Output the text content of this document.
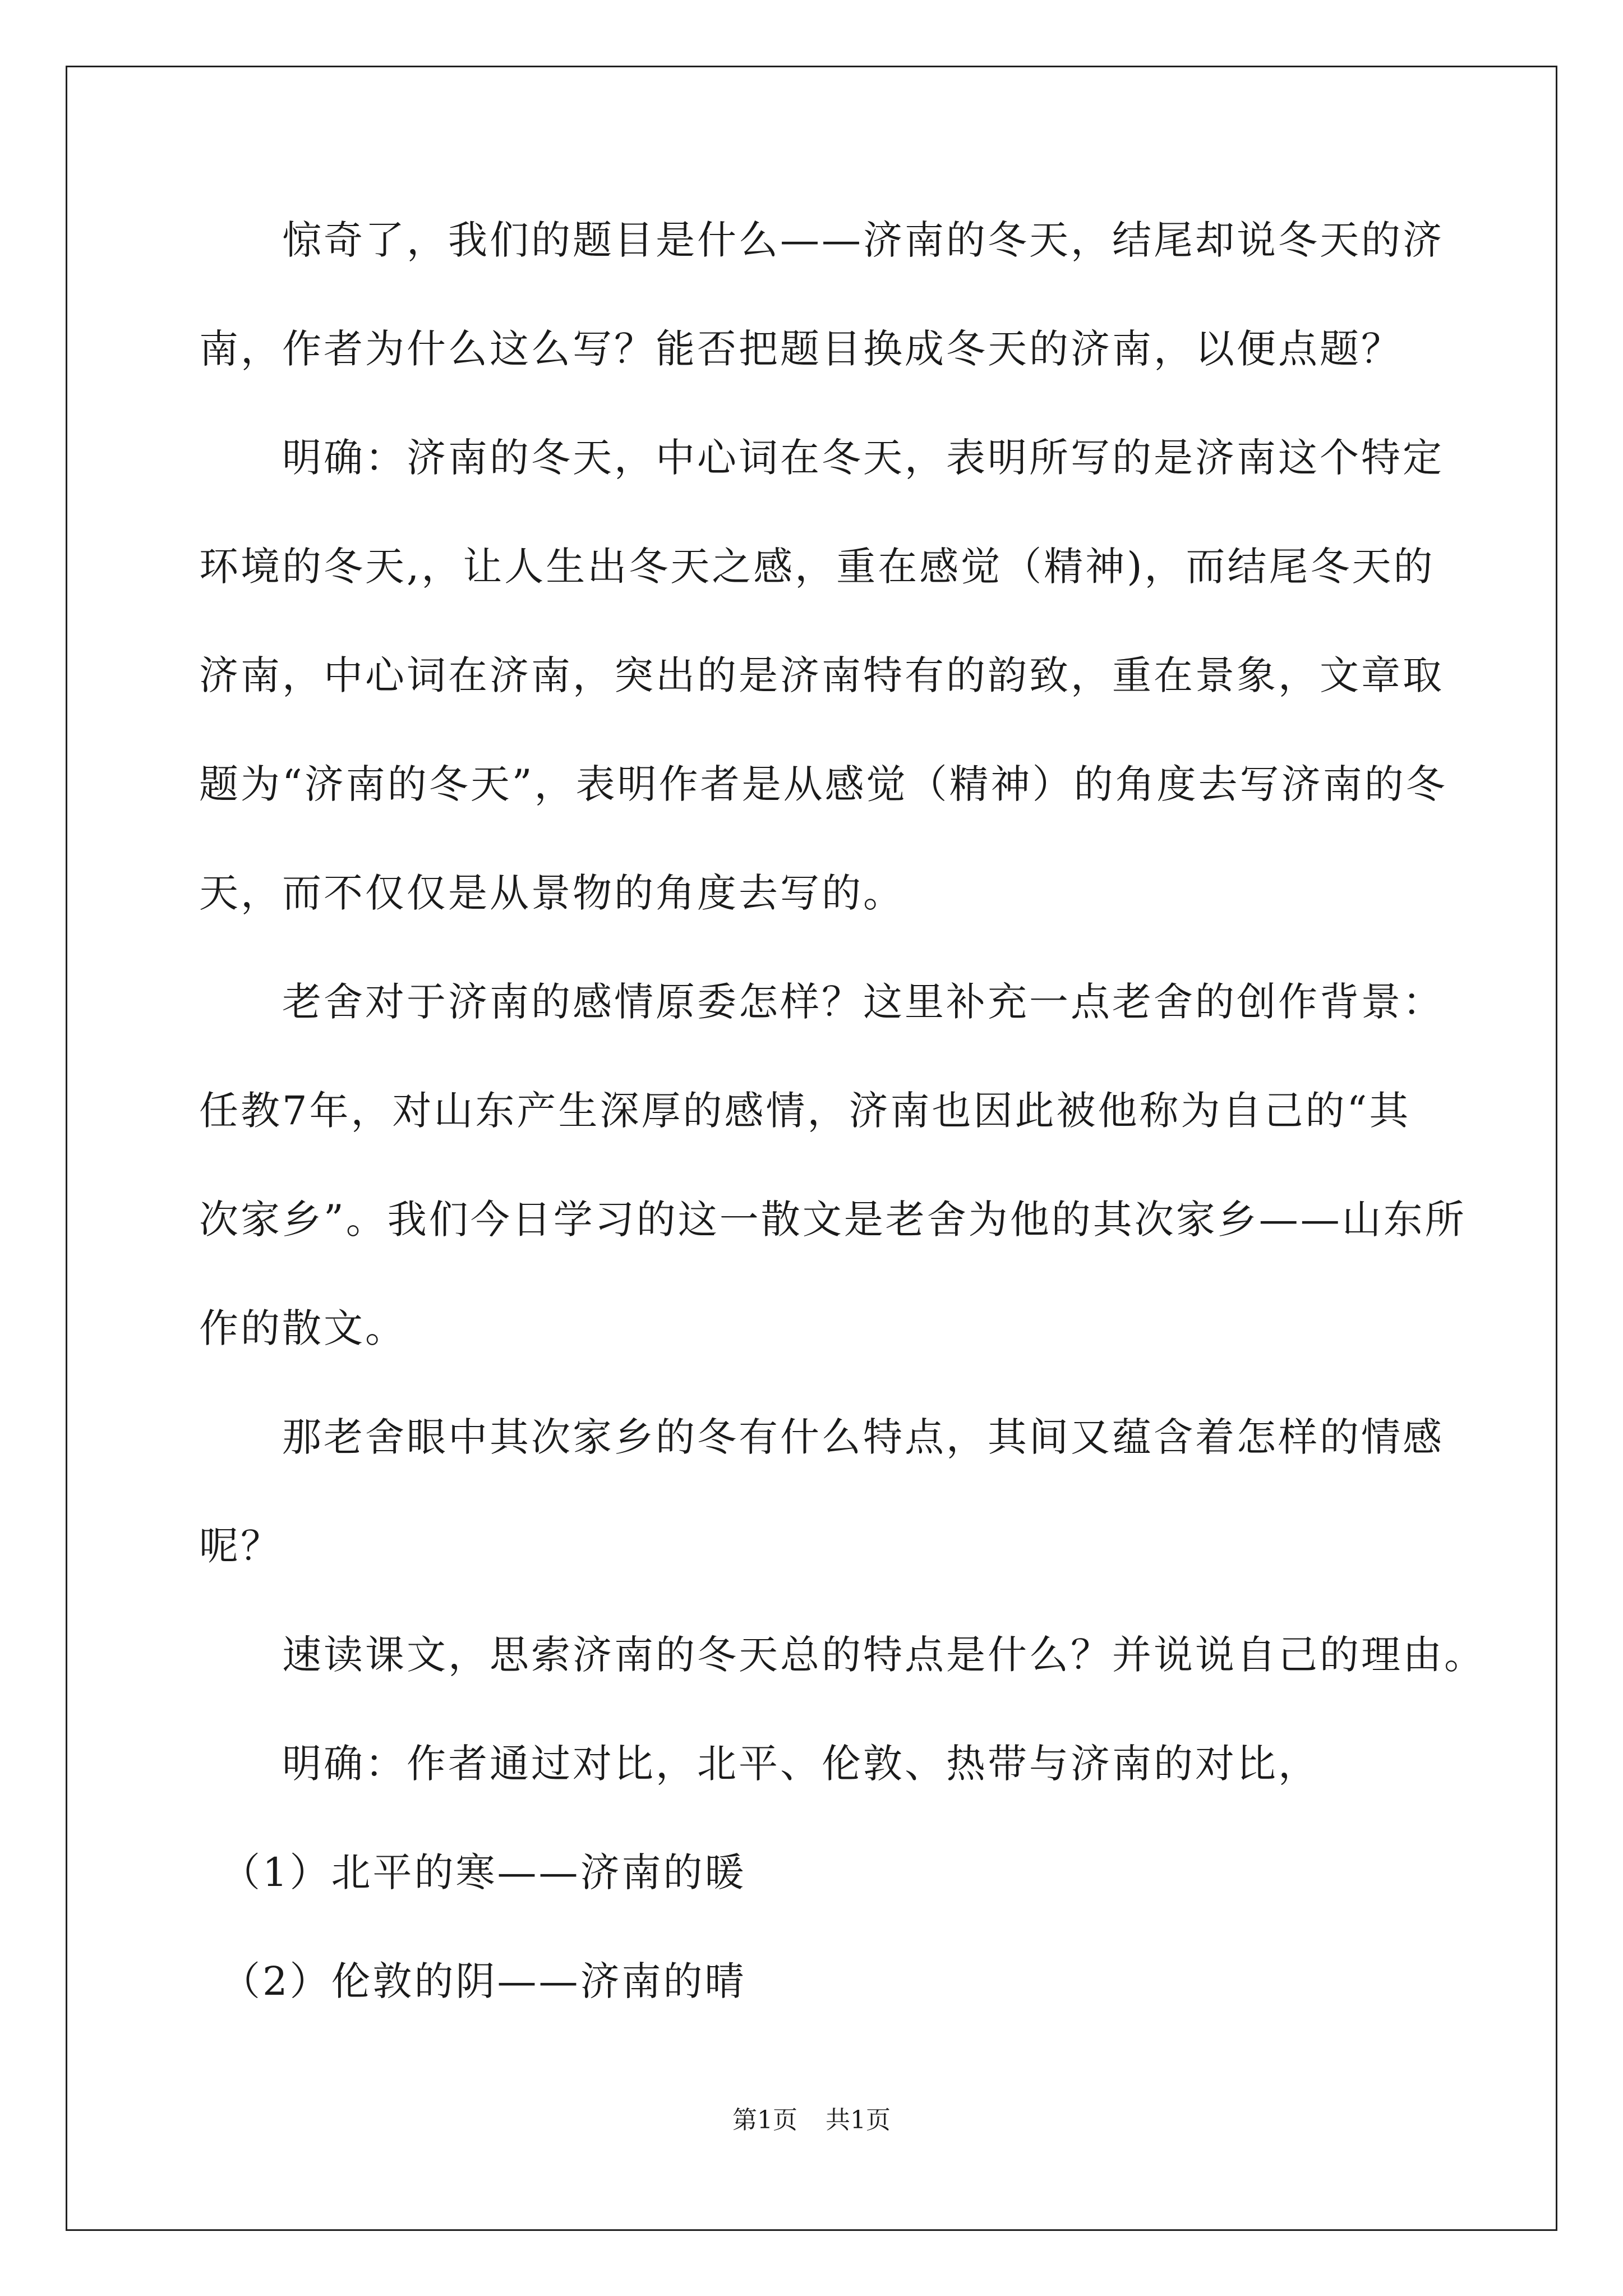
　　惊奇了，我们的题目是什么——济南的冬天，结尾却说冬天的济
南，作者为什么这么写？能否把题目换成冬天的济南，以便点题？
　　明确：济南的冬天，中心词在冬天，表明所写的是济南这个特定
环境的冬天,，让人生出冬天之感，重在感觉（精神)，而结尾冬天的
济南，中心词在济南，突出的是济南特有的韵致，重在景象，文章取
题为“济南的冬天”，表明作者是从感觉（精神）的角度去写济南的冬
天，而不仅仅是从景物的角度去写的。
　　老舍对于济南的感情原委怎样？这里补充一点老舍的创作背景：
任教7年，对山东产生深厚的感情，济南也因此被他称为自己的“其
次家乡”。我们今日学习的这一散文是老舍为他的其次家乡——山东所
作的散文。
　　那老舍眼中其次家乡的冬有什么特点，其间又蕴含着怎样的情感
呢？
　　速读课文，思索济南的冬天总的特点是什么？并说说自己的理由。
　　明确：作者通过对比，北平、伦敦、热带与济南的对比，
　（1）北平的寒——济南的暖
　（2）伦敦的阴——济南的晴
第1页 共1页
